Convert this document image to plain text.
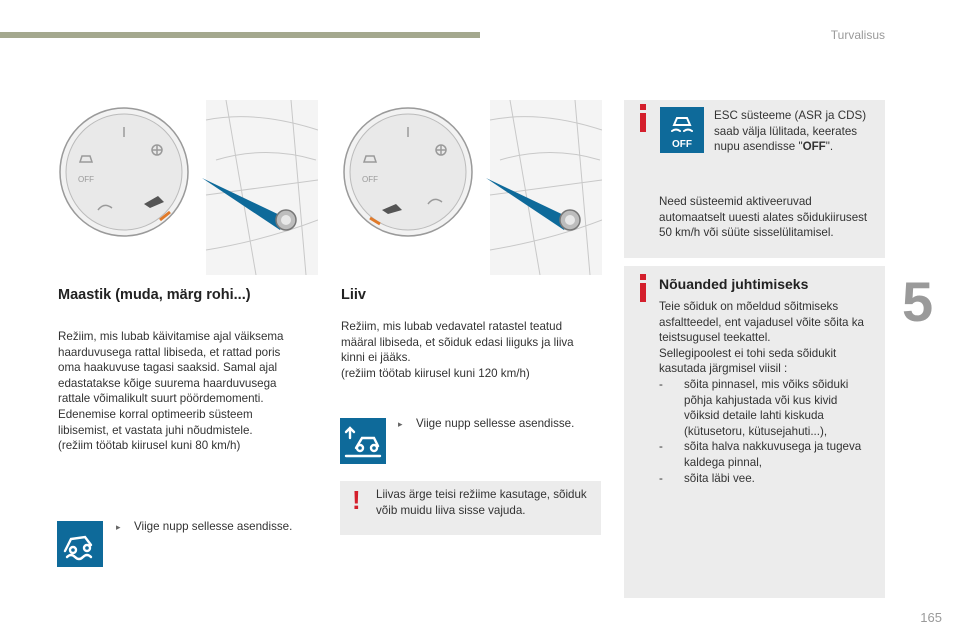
Turvalisus
5
165
OFF	OFF
Maastik (muda, märg rohi...)

Režiim, mis lubab käivitamise ajal väiksema

haarduvusega rattal libiseda, et rattad poris

oma haakuvuse tagasi saaksid. Samal ajal

edastatakse kõige suurema haarduvusega

rattale võimalikult suurt pöördemomenti.

Edenemise korral optimeerib süsteem

libisemist, et vastata juhi nõudmistele.

(režiim töötab kiirusel kuni 80 km/h)

▸ Viige nupp sellesse asendisse.
Liiv

Režiim, mis lubab vedavatel ratastel teatud

määral libiseda, et sõiduk edasi liiguks ja liiva

kinni ei jääks.

(režiim töötab kiirusel kuni 120 km/h)

▸ Viige nupp sellesse asendisse.
! Liivas ärge teisi režiime kasutage, sõiduk võib muidu liiva sisse vajuda.
OFF

ESC süsteeme (ASR ja CDS)

saab välja lülitada, keerates

nupu asendisse "OFF".

Need süsteemid aktiveeruvad

automaatselt uuesti alates sõidukiirusest

50 km/h või süüte sisselülitamisel.

Nõuanded juhtimiseks

Teie sõiduk on mõeldud sõitmiseks

asfaltteedel, ent vajadusel võite sõita ka

teistsugusel teekattel.

Sellegipoolest ei tohi seda sõidukit

kasutada järgmisel viisil :

- sõita pinnasel, mis võiks sõiduki
põhja kahjustada või kus kivid
võiksid detaile lahti kiskuda
(kütusetoru, kütusejahuti...),
- sõita halva nakkuvusega ja tugeva
kaldega pinnal,
- sõita läbi vee.
